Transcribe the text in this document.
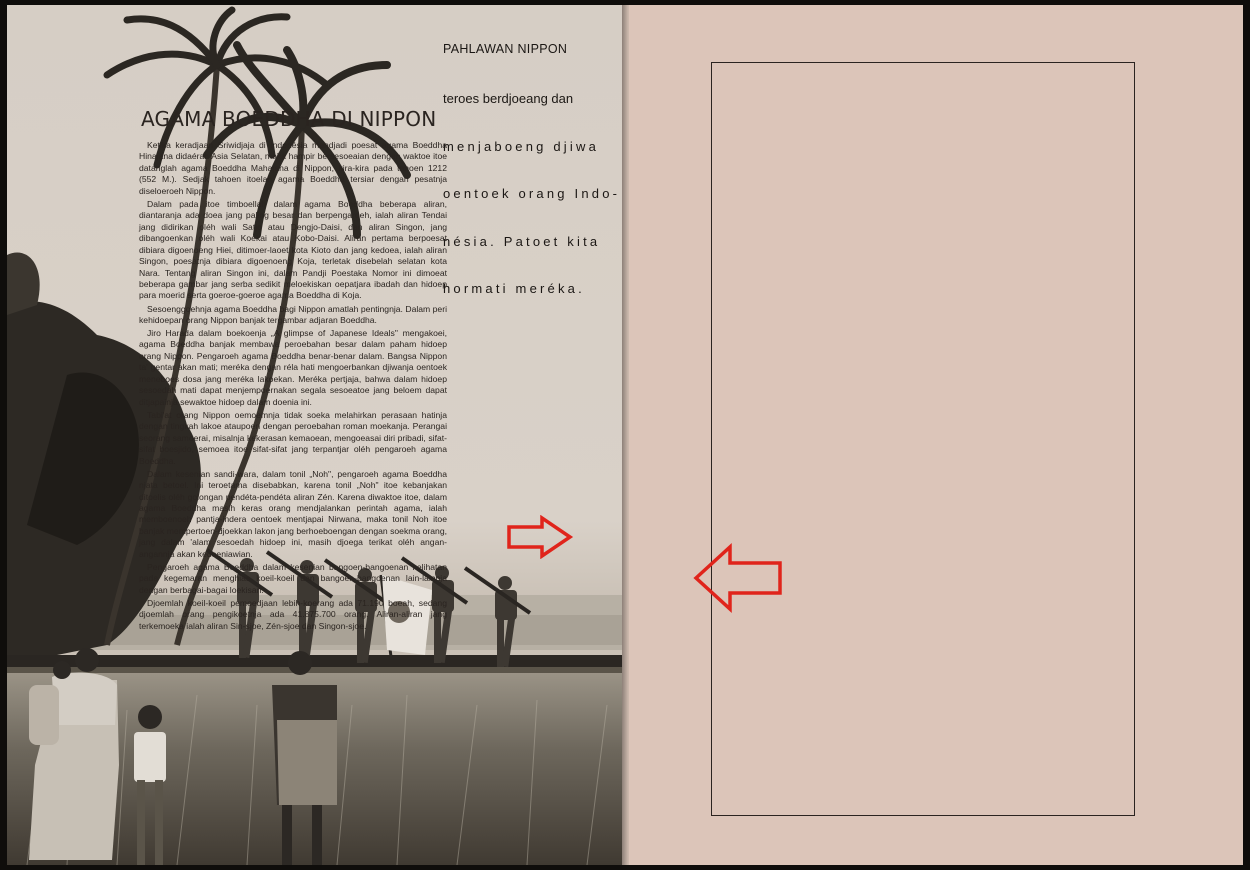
PAHLAWAN NIPPON
teroes berdjoeang dan
menjaboeng djiwa
oentoek orang Indo-
nésia. Patoet kita
hormati meréka.
AGAMA BOEDDHA DI NIPPON

Ketika keradjaan Sriwidjaja di Indonésia mendjadi poesat agama Boeddha Hinajana didaérah Asia Selatan, maka hampir bersesoeaian dengan waktoe itoe datanglah agama Boeddha Mahajana di Nippon, kira-kira pada tahoen 1212 (552 M.). Sedjak tahoen itoelah agama Boeddha tersiar dengan pesatnja diseloeroeh Nippon.

Dalam pada itoe timboellah dalam agama Boeddha beberapa aliran, diantaranja ada doea jang paling besar dan berpengaroeh, ialah aliran Tendai jang didirikan oléh wali Satjo atau Dengjo-Daisi, dan aliran Singon, jang dibangoenkan oléh wali Koekai atau Kobo-Daisi. Aliran pertama berpoesat dibiara digoenoeng Hiei, ditimoer-laoet kota Kioto dan jang kedoea, ialah aliran Singon, poesatnja dibiara digoenoeng Koja, terletak disebelah selatan kota Nara. Tentang aliran Singon ini, dalam Pandji Poestaka Nomor ini dimoeat beberapa gambar jang serba sedikit meloekiskan oepatjara ibadah dan hidoep para moerid serta goeroe-goeroe agama Boeddha di Koja.

Sesoenggoehnja agama Boeddha bagi Nippon amatlah pentingnja. Dalam peri kehidoepan orang Nippon banjak tergambar adjaran Boeddha.

Jiro Harada dalam boekoenja „A glimpse of Japanese Ideals" mengakoei, agama Boeddha banjak membawa peroebahan besar dalam paham hidoep orang Nippon. Pengaroeh agama Boeddha benar-benar dalam. Bangsa Nippon ta' gentar akan mati; meréka dengan réla hati mengoerbankan djiwanja oentoek meneboes dosa jang meréka lakoekan. Meréka pertjaja, bahwa dalam hidoep sesoedah mati dapat menjempoernakan segala sesoeatoe jang beloem dapat ditjapainja sewaktoe hidoep dalam doenia ini.

Tabi'at orang Nippon oemoemnja tidak soeka melahirkan perasaan hatinja dengan tingkah lakoe ataupoen dengan peroebahan roman moekanja. Perangai seorang samoerai, misalnja kekerasan kemaoean, mengoeasai diri pribadi, sifat-sifat boesjido, semoea itoe sifat-sifat jang terpantjar oléh pengaroeh agama Boeddha.

Dalam kesenian sandi-wara, dalam tonil „Noh", pengaroeh agama Boeddha njata betoel. Ini teroetama disebabkan, karena tonil „Noh" itoe kebanjakan ditoelis oléh golongan pendéta-pendéta aliran Zén. Karena diwaktoe itoe, dalam agama Boeddha masih keras orang mendjalankan perintah agama, ialah memboenoeh pantja-indera oentoek mentjapai Nirwana, maka tonil Noh itoe banjak mempertoen-djoekkan lakon jang berhoeboengan dengan soekma orang, jang dalam 'alam sesoedah hidoep ini, masih djoega terikat oléh angan-angannja akan kedoeniawian.

Pengaroeh agama Boeddha dalam kesenian bangoen-bangoenan kelihatan pada kegemaran menghias koeil-koeil dan bangoen-bangoenan lain-lainnja dengan berbagai-bagai loekisan.

Djoemlah koeil-koeil pemoedjaan lebih-koerang ada 71.190 boeah, sedang djoemlah orang pengikoetnja ada 41.875.700 orang. Aliran-aliran jang terkemoeka ialah aliran Sin-sjoe, Zén-sjoe dan Singon-sjoe.
